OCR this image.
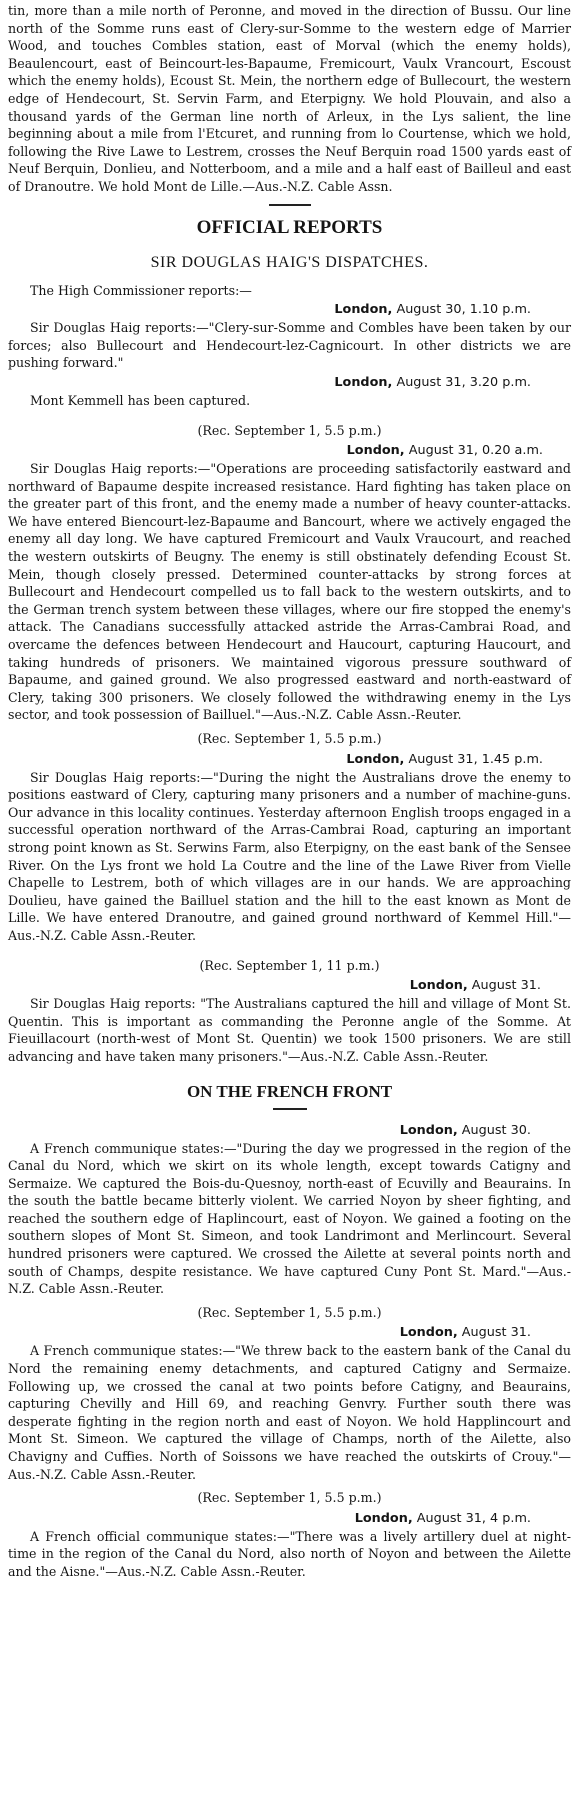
tin, more than a mile north of Peronne, and moved in the direction of Bussu. Our line north of the Somme runs east of Clery-sur-Somme to the western edge of Marrier Wood, and touches Combles station, east of Morval (which the enemy holds), Beaulencourt, east of Beincourt-les-Bapaume, Fremicourt, Vaulx Vrancourt, Escoust which the enemy holds), Ecoust St. Mein, the northern edge of Bullecourt, the western edge of Hendecourt, St. Servin Farm, and Eterpigny. We hold Plouvain, and also a thousand yards of the German line north of Arleux, in the Lys salient, the line beginning about a mile from l'Etcuret, and running from lo Courtense, which we hold, following the Rive Lawe to Lestrem, crosses the Neuf Berquin road 1500 yards east of Neuf Berquin, Donlieu, and Notterboom, and a mile and a half east of Bailleul and east of Dranoutre. We hold Mont de Lille.—Aus.-N.Z. Cable Assn.

OFFICIAL REPORTS
SIR DOUGLAS HAIG'S DISPATCHES.

The High Commissioner reports:—

London, August 30, 1.10 p.m.

Sir Douglas Haig reports:—"Clery-sur-Somme and Combles have been taken by our forces; also Bullecourt and Hendecourt-lez-Cagnicourt. In other districts we are pushing forward."

London, August 31, 3.20 p.m.

Mont Kemmell has been captured.

(Rec. September 1, 5.5 p.m.)
London, August 31, 0.20 a.m.

Sir Douglas Haig reports:—"Operations are proceeding satisfactorily eastward and northward of Bapaume despite increased resistance. Hard fighting has taken place on the greater part of this front, and the enemy made a number of heavy counter-attacks. We have entered Biencourt-lez-Bapaume and Bancourt, where we actively engaged the enemy all day long. We have captured Fremicourt and Vaulx Vraucourt, and reached the western outskirts of Beugny. The enemy is still obstinately defending Ecoust St. Mein, though closely pressed. Determined counter-attacks by strong forces at Bullecourt and Hendecourt compelled us to fall back to the western outskirts, and to the German trench system between these villages, where our fire stopped the enemy's attack. The Canadians successfully attacked astride the Arras-Cambrai Road, and overcame the defences between Hendecourt and Haucourt, capturing Haucourt, and taking hundreds of prisoners. We maintained vigorous pressure southward of Bapaume, and gained ground. We also progressed eastward and north-eastward of Clery, taking 300 prisoners. We closely followed the withdrawing enemy in the Lys sector, and took possession of Bailluel."—Aus.-N.Z. Cable Assn.-Reuter.

(Rec. September 1, 5.5 p.m.)
London, August 31, 1.45 p.m.

Sir Douglas Haig reports:—"During the night the Australians drove the enemy to positions eastward of Clery, capturing many prisoners and a number of machine-guns. Our advance in this locality continues. Yesterday afternoon English troops engaged in a successful operation northward of the Arras-Cambrai Road, capturing an important strong point known as St. Serwins Farm, also Eterpigny, on the east bank of the Sensee River. On the Lys front we hold La Coutre and the line of the Lawe River from Vielle Chapelle to Lestrem, both of which villages are in our hands. We are approaching Doulieu, have gained the Bailluel station and the hill to the east known as Mont de Lille. We have entered Dranoutre, and gained ground northward of Kemmel Hill."—Aus.-N.Z. Cable Assn.-Reuter.

(Rec. September 1, 11 p.m.)
London, August 31.

Sir Douglas Haig reports: "The Australians captured the hill and village of Mont St. Quentin. This is important as commanding the Peronne angle of the Somme. At Fieuillacourt (north-west of Mont St. Quentin) we took 1500 prisoners. We are still advancing and have taken many prisoners."—Aus.-N.Z. Cable Assn.-Reuter.

ON THE FRENCH FRONT
London, August 30.

A French communique states:—"During the day we progressed in the region of the Canal du Nord, which we skirt on its whole length, except towards Catigny and Sermaize. We captured the Bois-du-Quesnoy, north-east of Ecuvilly and Beaurains. In the south the battle became bitterly violent. We carried Noyon by sheer fighting, and reached the southern edge of Haplincourt, east of Noyon. We gained a footing on the southern slopes of Mont St. Simeon, and took Landrimont and Merlincourt. Several hundred prisoners were captured. We crossed the Ailette at several points north and south of Champs, despite resistance. We have captured Cuny Pont St. Mard."—Aus.-N.Z. Cable Assn.-Reuter.

(Rec. September 1, 5.5 p.m.)
London, August 31.

A French communique states:—"We threw back to the eastern bank of the Canal du Nord the remaining enemy detachments, and captured Catigny and Sermaize. Following up, we crossed the canal at two points before Catigny, and Beaurains, capturing Chevilly and Hill 69, and reaching Genvry. Further south there was desperate fighting in the region north and east of Noyon. We hold Happlincourt and Mont St. Simeon. We captured the village of Champs, north of the Ailette, also Chavigny and Cuffies. North of Soissons we have reached the outskirts of Crouy."—Aus.-N.Z. Cable Assn.-Reuter.

(Rec. September 1, 5.5 p.m.)
London, August 31, 4 p.m.

A French official communique states:—"There was a lively artillery duel at night-time in the region of the Canal du Nord, also north of Noyon and between the Ailette and the Aisne."—Aus.-N.Z. Cable Assn.-Reuter.
